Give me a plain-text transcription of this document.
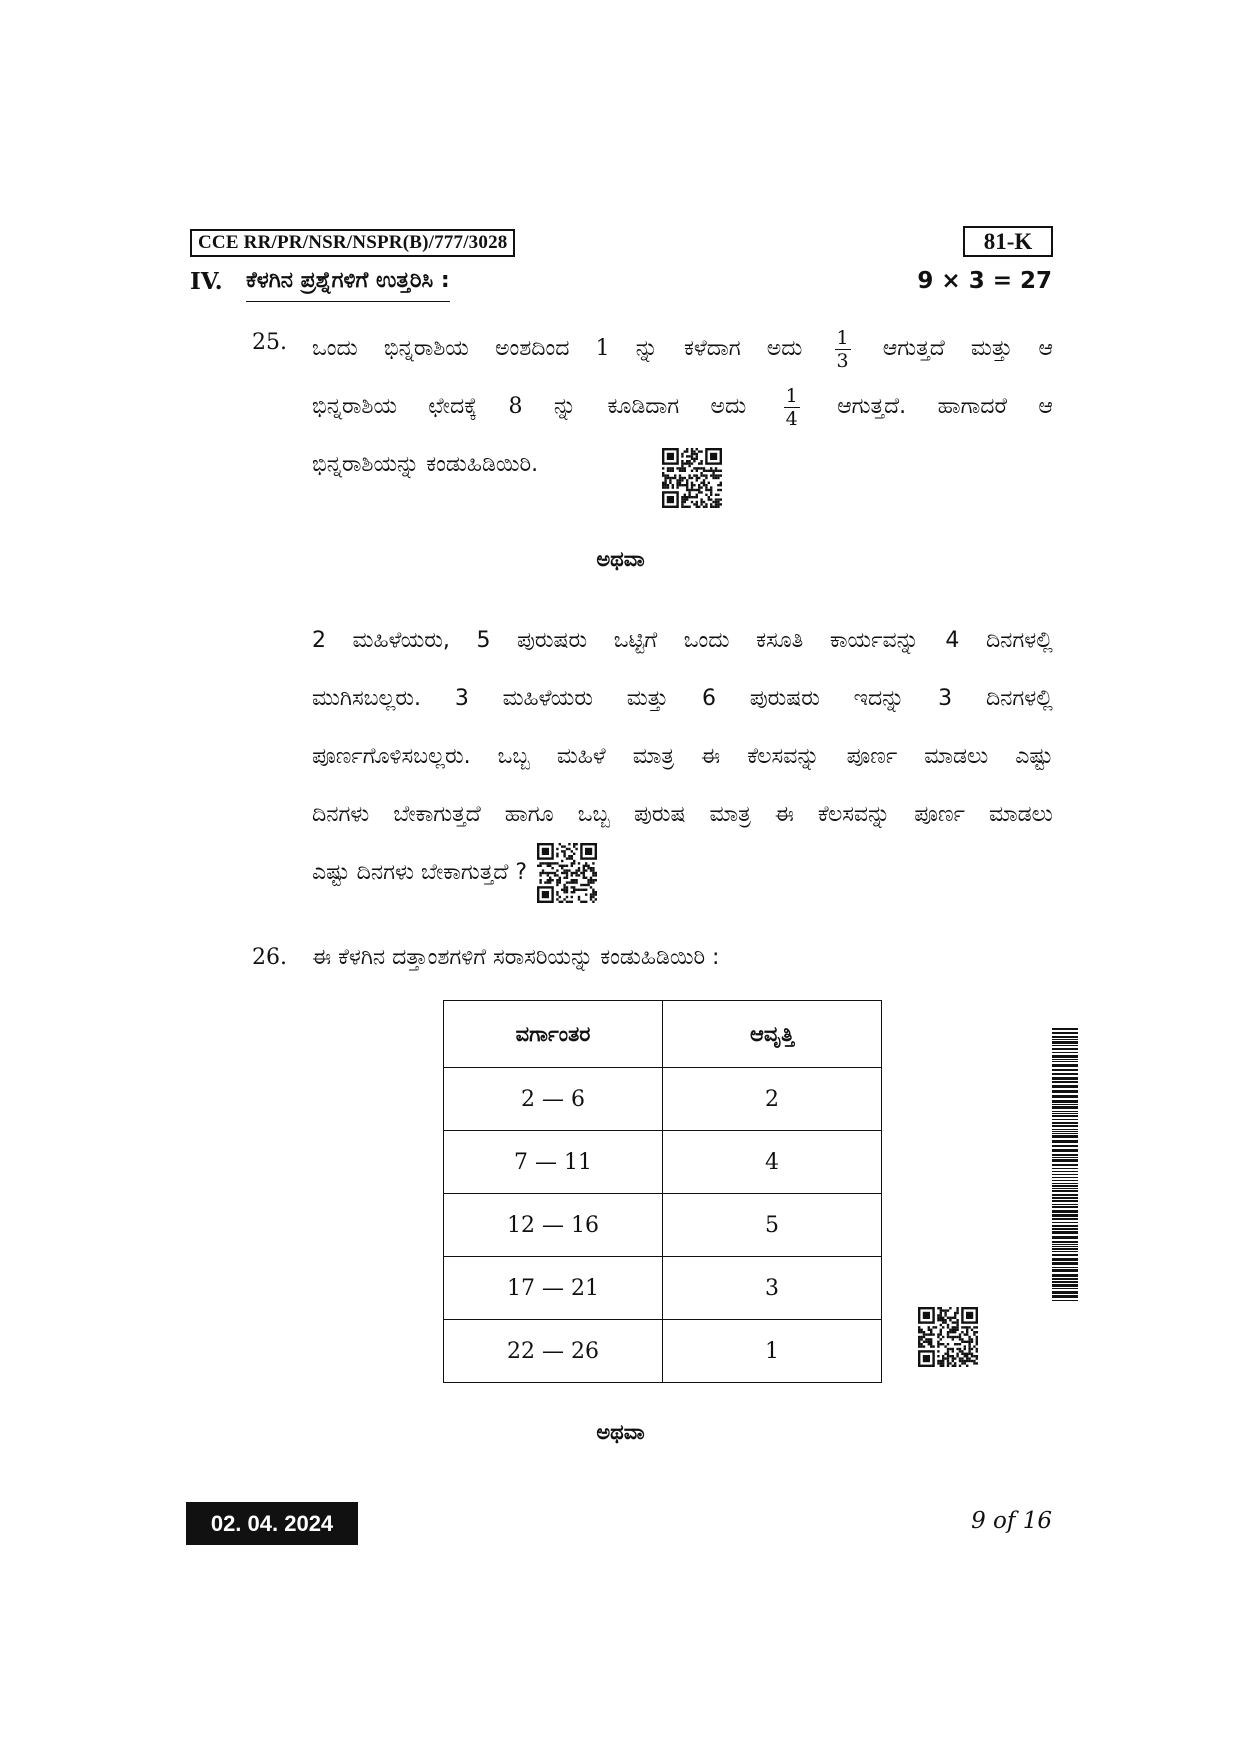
CCE RR/PR/NSR/NSPR(B)/777/3028	81-K
IV. ಕೆಳಗಿನ ಪ್ರಶ್ನೆಗಳಿಗೆ ಉತ್ತರಿಸಿ :	9 × 3 = 27
25. ಒಂದು ಭಿನ್ನರಾಶಿಯ ಅಂಶದಿಂದ 1 ನ್ನು ಕಳೆದಾಗ ಅದು $\frac{1}{3}$ ಆಗುತ್ತದೆ ಮತ್ತು ಆ
ಭಿನ್ನರಾಶಿಯ ಛೇದಕ್ಕೆ 8 ನ್ನು ಕೂಡಿದಾಗ ಅದು $\frac{1}{4}$ ಆಗುತ್ತದೆ. ಹಾಗಾದರೆ ಆ
ಭಿನ್ನರಾಶಿಯನ್ನು ಕಂಡುಹಿಡಿಯಿರಿ.
ಅಥವಾ
2 ಮಹಿಳೆಯರು, 5 ಪುರುಷರು ಒಟ್ಟಿಗೆ ಒಂದು ಕಸೂತಿ ಕಾರ್ಯವನ್ನು 4 ದಿನಗಳಲ್ಲಿ
ಮುಗಿಸಬಲ್ಲರು. 3 ಮಹಿಳೆಯರು ಮತ್ತು 6 ಪುರುಷರು ಇದನ್ನು 3 ದಿನಗಳಲ್ಲಿ
ಪೂರ್ಣಗೊಳಿಸಬಲ್ಲರು. ಒಬ್ಬ ಮಹಿಳೆ ಮಾತ್ರ ಈ ಕೆಲಸವನ್ನು ಪೂರ್ಣ ಮಾಡಲು ಎಷ್ಟು
ದಿನಗಳು ಬೇಕಾಗುತ್ತದೆ ಹಾಗೂ ಒಬ್ಬ ಪುರುಷ ಮಾತ್ರ ಈ ಕೆಲಸವನ್ನು ಪೂರ್ಣ ಮಾಡಲು
ಎಷ್ಟು ದಿನಗಳು ಬೇಕಾಗುತ್ತದೆ ?
26. ಈ ಕೆಳಗಿನ ದತ್ತಾಂಶಗಳಿಗೆ ಸರಾಸರಿಯನ್ನು ಕಂಡುಹಿಡಿಯಿರಿ :
ವರ್ಗಾಂತರ	ಆವೃತ್ತಿ
2 — 6	2
7 — 11	4
12 — 16	5
17 — 21	3
22 — 26	1
ಅಥವಾ
02. 04. 2024	9 of 16
